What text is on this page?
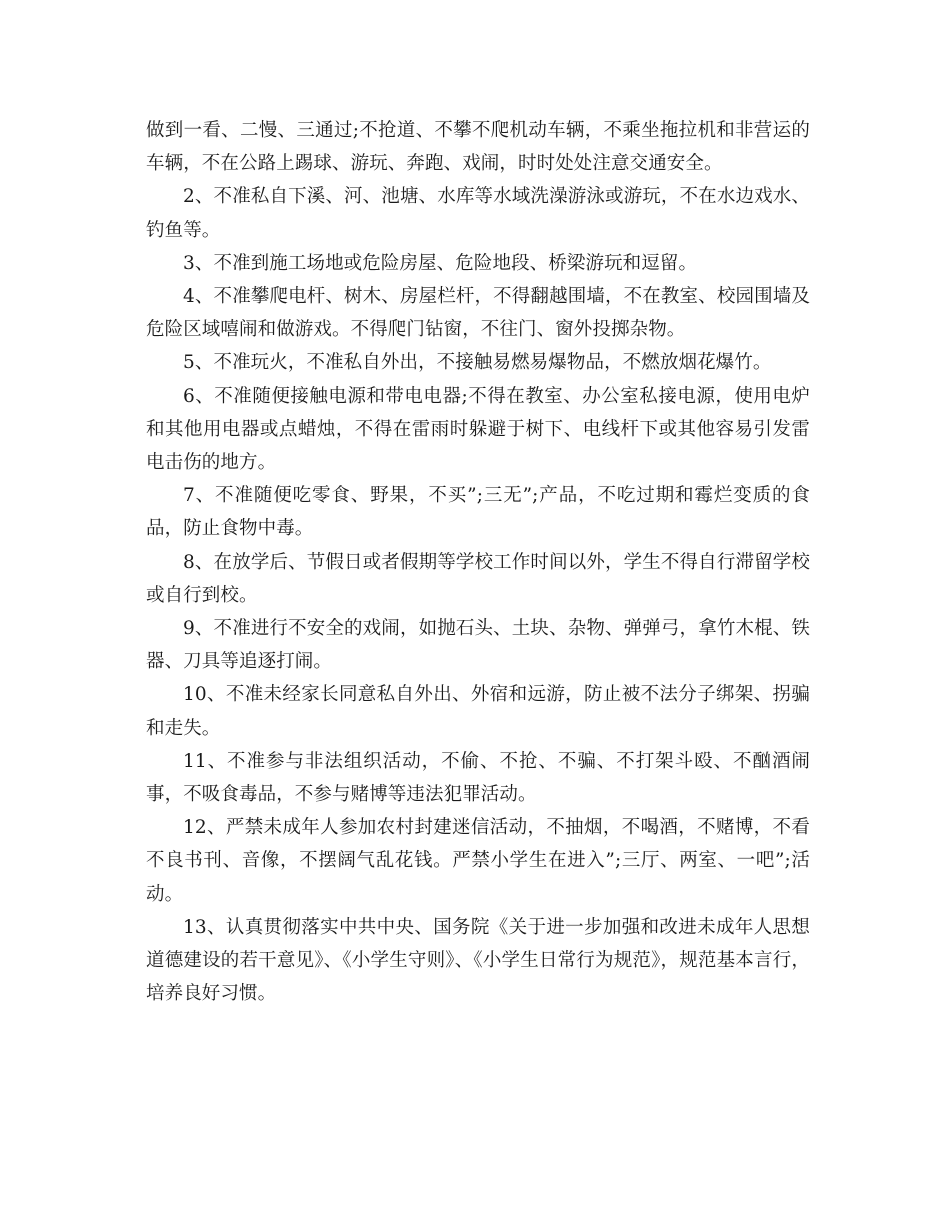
做到一看、二慢、三通过;不抢道、不攀不爬机动车辆，不乘坐拖拉机和非营运的车辆，不在公路上踢球、游玩、奔跑、戏闹，时时处处注意交通安全。

2、不准私自下溪、河、池塘、水库等水域洗澡游泳或游玩，不在水边戏水、钓鱼等。

3、不准到施工场地或危险房屋、危险地段、桥梁游玩和逗留。

4、不准攀爬电杆、树木、房屋栏杆，不得翻越围墙，不在教室、校园围墙及危险区域嘻闹和做游戏。不得爬门钻窗，不往门、窗外投掷杂物。

5、不准玩火，不准私自外出，不接触易燃易爆物品，不燃放烟花爆竹。

6、不准随便接触电源和带电电器;不得在教室、办公室私接电源，使用电炉和其他用电器或点蜡烛，不得在雷雨时躲避于树下、电线杆下或其他容易引发雷电击伤的地方。

7、不准随便吃零食、野果，不买”;三无”;产品，不吃过期和霉烂变质的食品，防止食物中毒。

8、在放学后、节假日或者假期等学校工作时间以外，学生不得自行滞留学校或自行到校。

9、不准进行不安全的戏闹，如抛石头、土块、杂物、弹弹弓，拿竹木棍、铁器、刀具等追逐打闹。

10、不准未经家长同意私自外出、外宿和远游，防止被不法分子绑架、拐骗和走失。

11、不准参与非法组织活动，不偷、不抢、不骗、不打架斗殴、不酗酒闹事，不吸食毒品，不参与赌博等违法犯罪活动。

12、严禁未成年人参加农村封建迷信活动，不抽烟，不喝酒，不赌博，不看不良书刊、音像，不摆阔气乱花钱。严禁小学生在进入”;三厅、两室、一吧”;活动。

13、认真贯彻落实中共中央、国务院《关于进一步加强和改进未成年人思想道德建设的若干意见》、《小学生守则》、《小学生日常行为规范》，规范基本言行，培养良好习惯。
